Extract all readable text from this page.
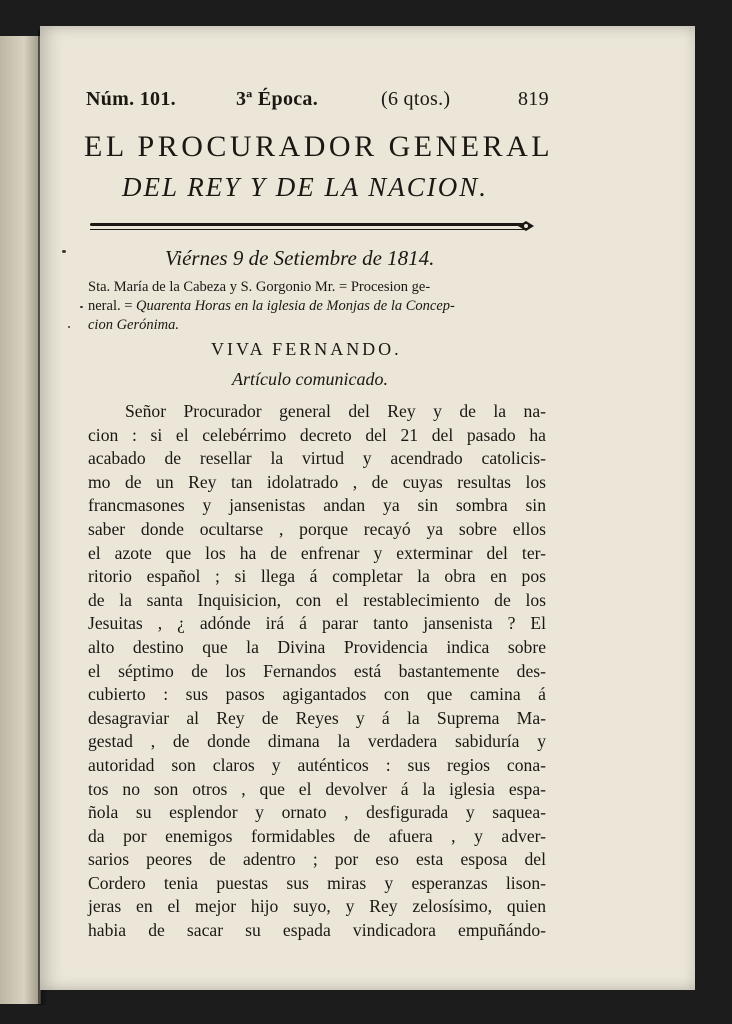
Núm. 101.	3ª Época.	(6 qtos.)	819
EL PROCURADOR GENERAL
DEL REY Y DE LA NACION.
Viérnes 9 de Setiembre de 1814.
Sta. María de la Cabeza y S. Gorgonio Mr. = Procesion ge-
neral. = Quarenta Horas en la iglesia de Monjas de la Concep-
cion Gerónima.
VIVA FERNANDO.
Artículo comunicado.
Señor Procurador general del Rey y de la na-
cion : si el celebérrimo decreto del 21 del pasado ha
acabado de resellar la virtud y acendrado catolicis-
mo de un Rey tan idolatrado , de cuyas resultas los
francmasones y jansenistas andan ya sin sombra sin
saber donde ocultarse , porque recayó ya sobre ellos
el azote que los ha de enfrenar y exterminar del ter-
ritorio español ; si llega á completar la obra en pos
de la santa Inquisicion, con el restablecimiento de los
Jesuitas , ¿ adónde irá á parar tanto jansenista ? El
alto destino que la Divina Providencia indica sobre
el séptimo de los Fernandos está bastantemente des-
cubierto : sus pasos agigantados con que camina á
desagraviar al Rey de Reyes y á la Suprema Ma-
gestad , de donde dimana la verdadera sabiduría y
autoridad son claros y auténticos : sus regios cona-
tos no son otros , que el devolver á la iglesia espa-
ñola su esplendor y ornato , desfigurada y saquea-
da por enemigos formidables de afuera , y adver-
sarios peores de adentro ; por eso esta esposa del
Cordero tenia puestas sus miras y esperanzas lison-
jeras en el mejor hijo suyo, y Rey zelosísimo, quien
habia de sacar su espada vindicadora empuñándo-
